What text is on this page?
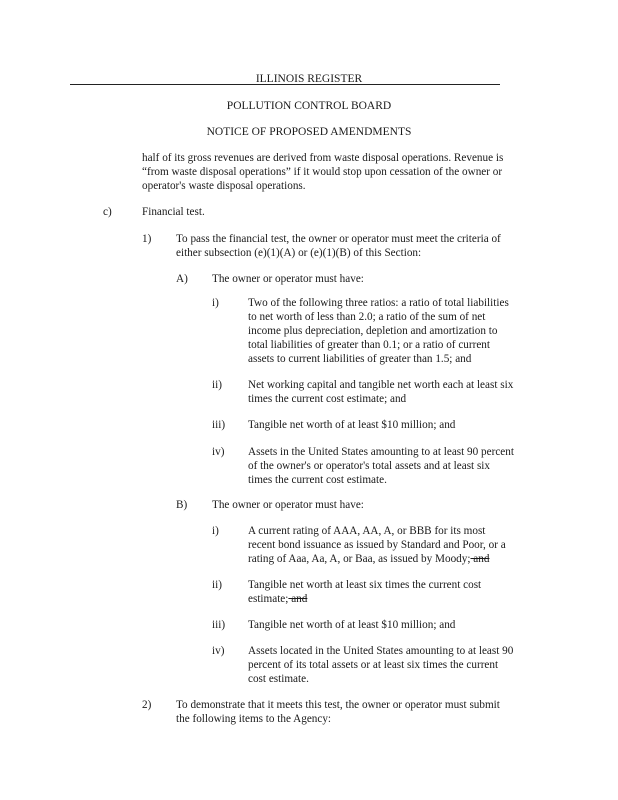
ILLINOIS REGISTER
POLLUTION CONTROL BOARD
NOTICE OF PROPOSED AMENDMENTS
half of its gross revenues are derived from waste disposal operations. Revenue is
“from waste disposal operations” if it would stop upon cessation of the owner or
operator's waste disposal operations.
c)	Financial test.
1) To pass the financial test, the owner or operator must meet the criteria of
either subsection (e)(1)(A) or (e)(1)(B) of this Section:
A) The owner or operator must have:
i)	Two of the following three ratios: a ratio of total liabilities
to net worth of less than 2.0; a ratio of the sum of net
income plus depreciation, depletion and amortization to
total liabilities of greater than 0.1; or a ratio of current
assets to current liabilities of greater than 1.5; and
ii) Net working capital and tangible net worth each at least six
times the current cost estimate; and
iii) Tangible net worth of at least $10 million; and
iv) Assets in the United States amounting to at least 90 percent
of the owner's or operator's total assets and at least six
times the current cost estimate.
B) The owner or operator must have:
i)	A current rating of AAA, AA, A, or BBB for its most
recent bond issuance as issued by Standard and Poor, or a
rating of Aaa, Aa, A, or Baa, as issued by Moody; and
ii) Tangible net worth at least six times the current cost
estimate; and
iii) Tangible net worth of at least $10 million; and
iv) Assets located in the United States amounting to at least 90
percent of its total assets or at least six times the current
cost estimate.
2) To demonstrate that it meets this test, the owner or operator must submit
the following items to the Agency:
